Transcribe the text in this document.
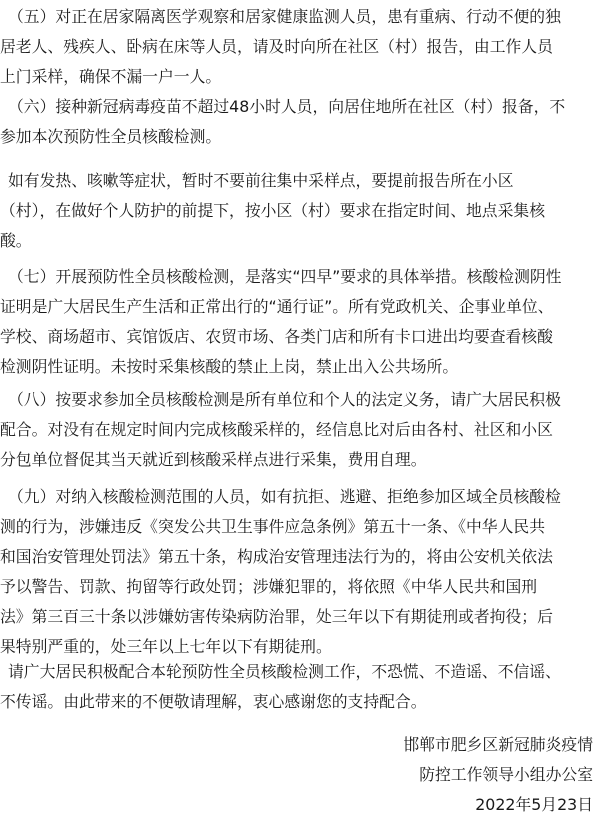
（五）对正在居家隔离医学观察和居家健康监测人员，患有重病、行动不便的独
居老人、残疾人、卧病在床等人员，请及时向所在社区（村）报告，由工作人员
上门采样，确保不漏一户一人。
（六）接种新冠病毒疫苗不超过48小时人员，向居住地所在社区（村）报备，不
参加本次预防性全员核酸检测。
如有发热、咳嗽等症状，暂时不要前往集中采样点，要提前报告所在小区
（村），在做好个人防护的前提下，按小区（村）要求在指定时间、地点采集核
酸。
（七）开展预防性全员核酸检测，是落实“四早”要求的具体举措。核酸检测阴性
证明是广大居民生产生活和正常出行的“通行证”。所有党政机关、企事业单位、
学校、商场超市、宾馆饭店、农贸市场、各类门店和所有卡口进出均要查看核酸
检测阴性证明。未按时采集核酸的禁止上岗，禁止出入公共场所。
（八）按要求参加全员核酸检测是所有单位和个人的法定义务，请广大居民积极
配合。对没有在规定时间内完成核酸采样的，经信息比对后由各村、社区和小区
分包单位督促其当天就近到核酸采样点进行采集，费用自理。
（九）对纳入核酸检测范围的人员，如有抗拒、逃避、拒绝参加区域全员核酸检
测的行为，涉嫌违反《突发公共卫生事件应急条例》第五十一条、《中华人民共
和国治安管理处罚法》第五十条，构成治安管理违法行为的，将由公安机关依法
予以警告、罚款、拘留等行政处罚；涉嫌犯罪的，将依照《中华人民共和国刑
法》第三百三十条以涉嫌妨害传染病防治罪，处三年以下有期徒刑或者拘役；后
果特别严重的，处三年以上七年以下有期徒刑。
请广大居民积极配合本轮预防性全员核酸检测工作，不恐慌、不造谣、不信谣、
不传谣。由此带来的不便敬请理解，衷心感谢您的支持配合。
邯郸市肥乡区新冠肺炎疫情
防控工作领导小组办公室
2022年5月23日
